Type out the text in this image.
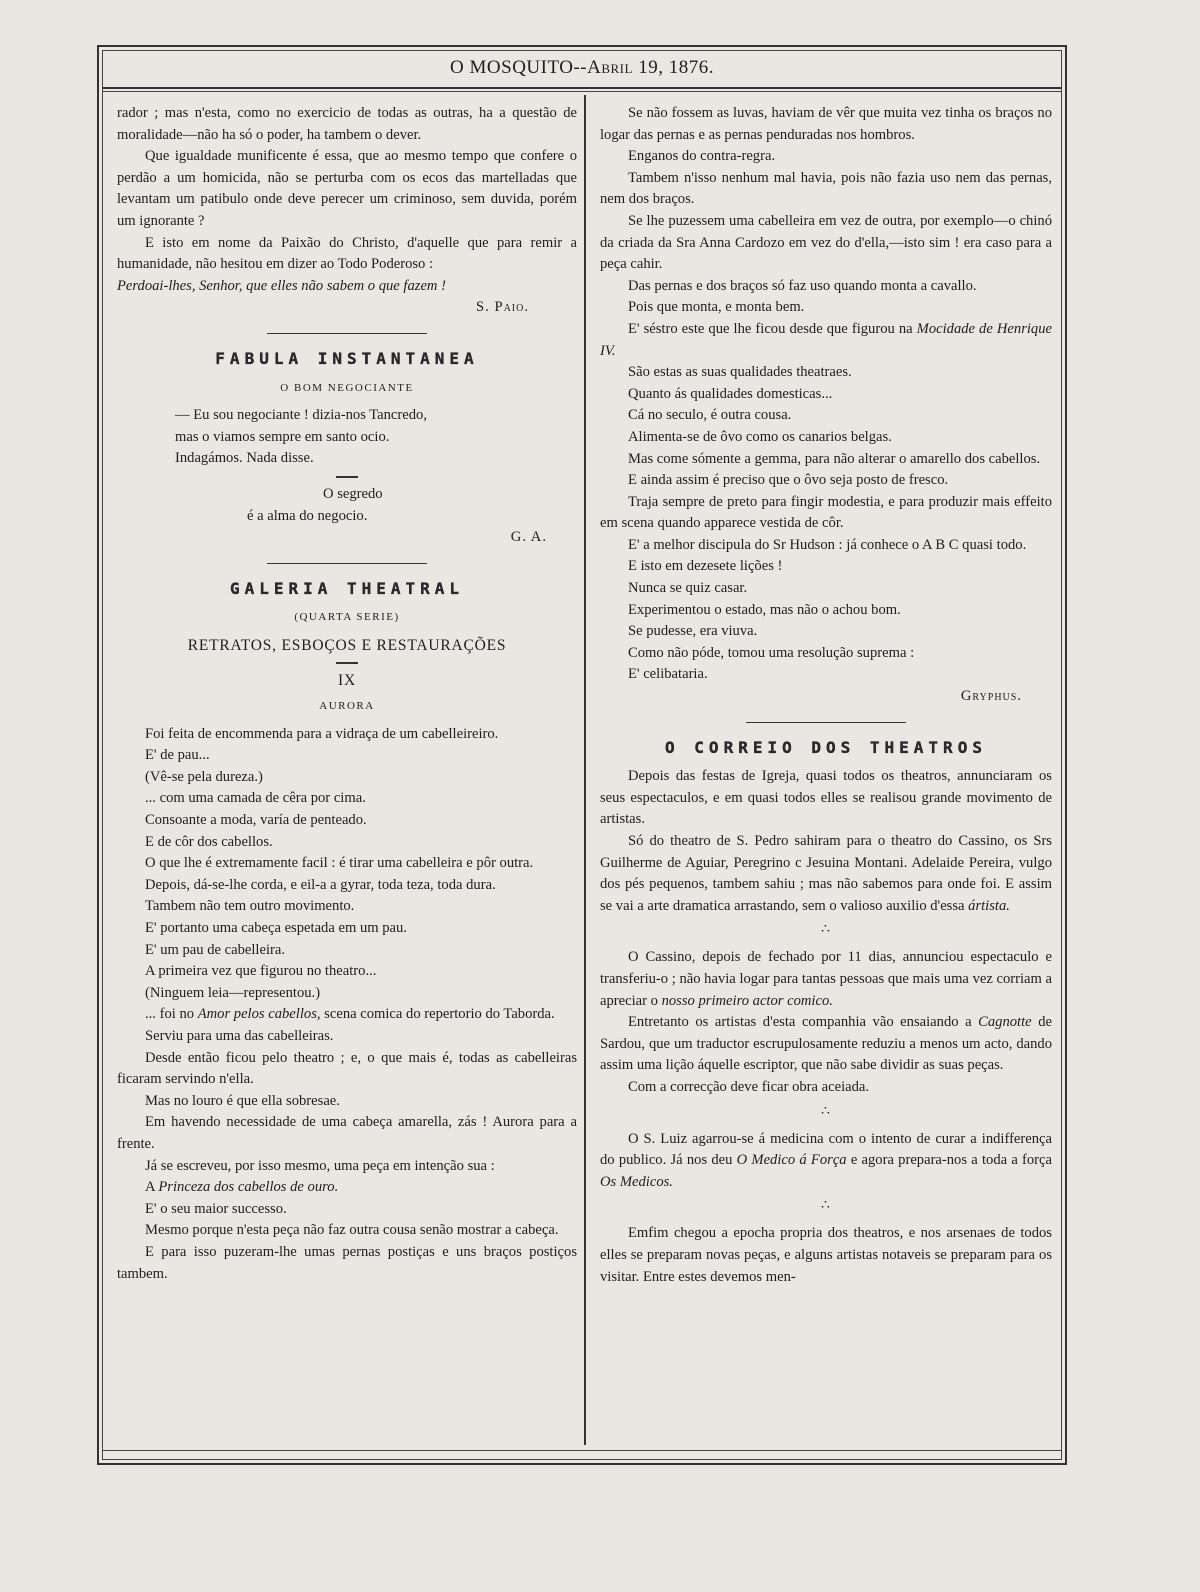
O MOSQUITO--Abril 19, 1876.

rador ; mas n'esta, como no exercicio de todas as outras, ha a questão de moralidade—não ha só o poder, ha tambem o dever.

Que igualdade munificente é essa, que ao mesmo tempo que confere o perdão a um homicida, não se perturba com os ecos das martelladas que levantam um patibulo onde deve perecer um criminoso, sem duvida, porém um ignorante ?

E isto em nome da Paixão do Christo, d'aquelle que para remir a humanidade, não hesitou em dizer ao Todo Poderoso :

Perdoai-lhes, Senhor, que elles não sabem o que fazem !

S. Paio.

FABULA INSTANTANEA
O BOM NEGOCIANTE

— Eu sou negociante ! dizia-nos Tancredo,

mas o viamos sempre em santo ocio.

Indagámos. Nada disse.

O segredo

é a alma do negocio.

G. A.

GALERIA THEATRAL
(QUARTA SERIE)
RETRATOS, ESBOÇOS E RESTAURAÇÕES
IX
AURORA

Foi feita de encommenda para a vidraça de um cabelleireiro.

E' de pau...

(Vê-se pela dureza.)

... com uma camada de cêra por cima.

Consoante a moda, varía de penteado.

E de côr dos cabellos.

O que lhe é extremamente facil : é tirar uma cabelleira e pôr outra.

Depois, dá-se-lhe corda, e eil-a a gyrar, toda teza, toda dura.

Tambem não tem outro movimento.

E' portanto uma cabeça espetada em um pau.

E' um pau de cabelleira.

A primeira vez que figurou no theatro...

(Ninguem leia—representou.)

... foi no Amor pelos cabellos, scena comica do repertorio do Taborda.

Serviu para uma das cabelleiras.

Desde então ficou pelo theatro ; e, o que mais é, todas as cabelleiras ficaram servindo n'ella.

Mas no louro é que ella sobresae.

Em havendo necessidade de uma cabeça amarella, zás ! Aurora para a frente.

Já se escreveu, por isso mesmo, uma peça em intenção sua :

A Princeza dos cabellos de ouro.

E' o seu maior successo.

Mesmo porque n'esta peça não faz outra cousa senão mostrar a cabeça.

E para isso puzeram-lhe umas pernas postiças e uns braços postiços tambem.

Se não fossem as luvas, haviam de vêr que muita vez tinha os braços no logar das pernas e as pernas penduradas nos hombros.

Enganos do contra-regra.

Tambem n'isso nenhum mal havia, pois não fazia uso nem das pernas, nem dos braços.

Se lhe puzessem uma cabelleira em vez de outra, por exemplo—o chinó da criada da Sra Anna Cardozo em vez do d'ella,—isto sim ! era caso para a peça cahir.

Das pernas e dos braços só faz uso quando monta a cavallo.

Pois que monta, e monta bem.

E' séstro este que lhe ficou desde que figurou na Mocidade de Henrique IV.

São estas as suas qualidades theatraes.

Quanto ás qualidades domesticas...

Cá no seculo, é outra cousa.

Alimenta-se de ôvo como os canarios belgas.

Mas come sómente a gemma, para não alterar o amarello dos cabellos.

E ainda assim é preciso que o ôvo seja posto de fresco.

Traja sempre de preto para fingir modestia, e para produzir mais effeito em scena quando apparece vestida de côr.

E' a melhor discipula do Sr Hudson : já conhece o A B C quasi todo.

E isto em dezesete lições !

Nunca se quiz casar.

Experimentou o estado, mas não o achou bom.

Se pudesse, era viuva.

Como não póde, tomou uma resolução suprema :

E' celibataria.

Gryphus.

O CORREIO DOS THEATROS

Depois das festas de Igreja, quasi todos os theatros, annunciaram os seus espectaculos, e em quasi todos elles se realisou grande movimento de artistas.

Só do theatro de S. Pedro sahiram para o theatro do Cassino, os Srs Guilherme de Aguiar, Peregrino c Jesuina Montani. Adelaide Pereira, vulgo dos pés pequenos, tambem sahiu ; mas não sabemos para onde foi. E assim se vai a arte dramatica arrastando, sem o valioso auxilio d'essa ártista.

∴

O Cassino, depois de fechado por 11 dias, annunciou espectaculo e transferiu-o ; não havia logar para tantas pessoas que mais uma vez corriam a apreciar o nosso primeiro actor comico.

Entretanto os artistas d'esta companhia vão ensaiando a Cagnotte de Sardou, que um traductor escrupulosamente reduziu a menos um acto, dando assim uma lição áquelle escriptor, que não sabe dividir as suas peças.

Com a correcção deve ficar obra aceiada.

∴

O S. Luiz agarrou-se á medicina com o intento de curar a indifferença do publico. Já nos deu O Medico á Força e agora prepara-nos a toda a força Os Medicos.

∴

Emfim chegou a epocha propria dos theatros, e nos arsenaes de todos elles se preparam novas peças, e alguns artistas notaveis se preparam para os visitar. Entre estes devemos men-
